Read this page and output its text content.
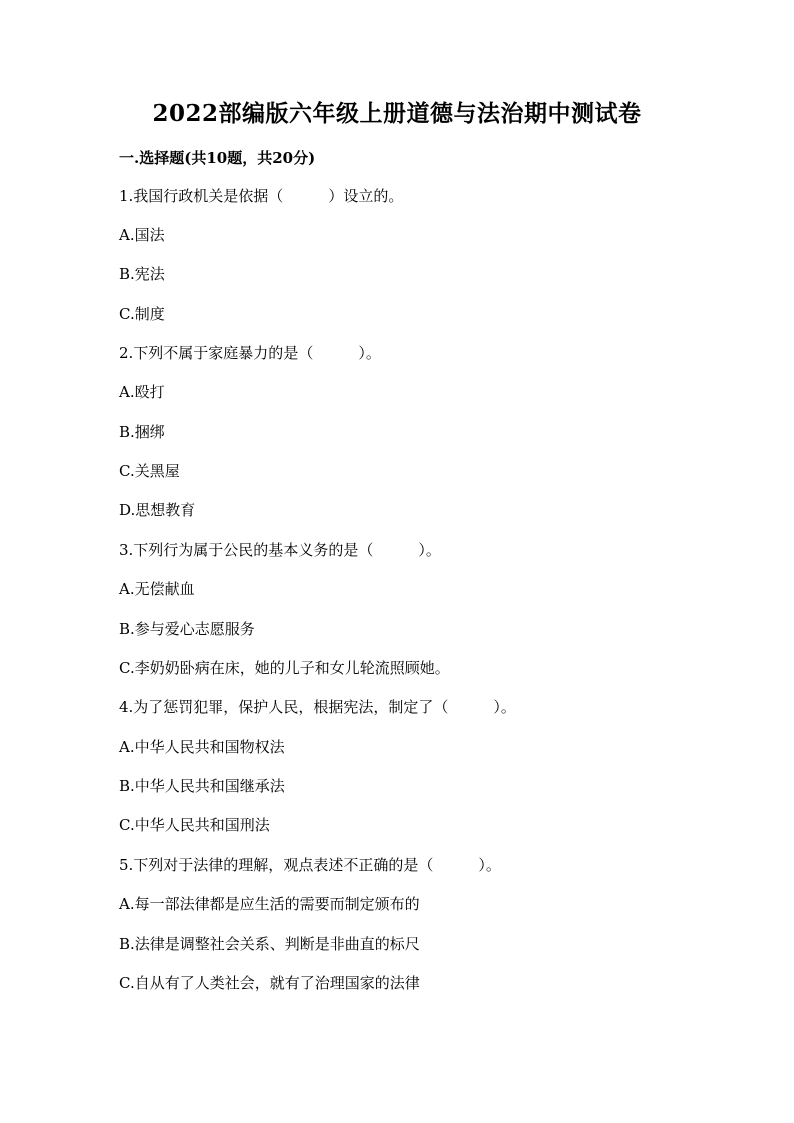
2022部编版六年级上册道德与法治期中测试卷
一.选择题(共10题，共20分)
1.我国行政机关是依据（　　　）设立的。
A.国法
B.宪法
C.制度
2.下列不属于家庭暴力的是（　　　）。
A.殴打
B.捆绑
C.关黑屋
D.思想教育
3.下列行为属于公民的基本义务的是（　　　）。
A.无偿献血
B.参与爱心志愿服务
C.李奶奶卧病在床，她的儿子和女儿轮流照顾她。
4.为了惩罚犯罪，保护人民，根据宪法，制定了（　　　）。
A.中华人民共和国物权法
B.中华人民共和国继承法
C.中华人民共和国刑法
5.下列对于法律的理解，观点表述不正确的是（　　　）。
A.每一部法律都是应生活的需要而制定颁布的
B.法律是调整社会关系、判断是非曲直的标尺
C.自从有了人类社会，就有了治理国家的法律
